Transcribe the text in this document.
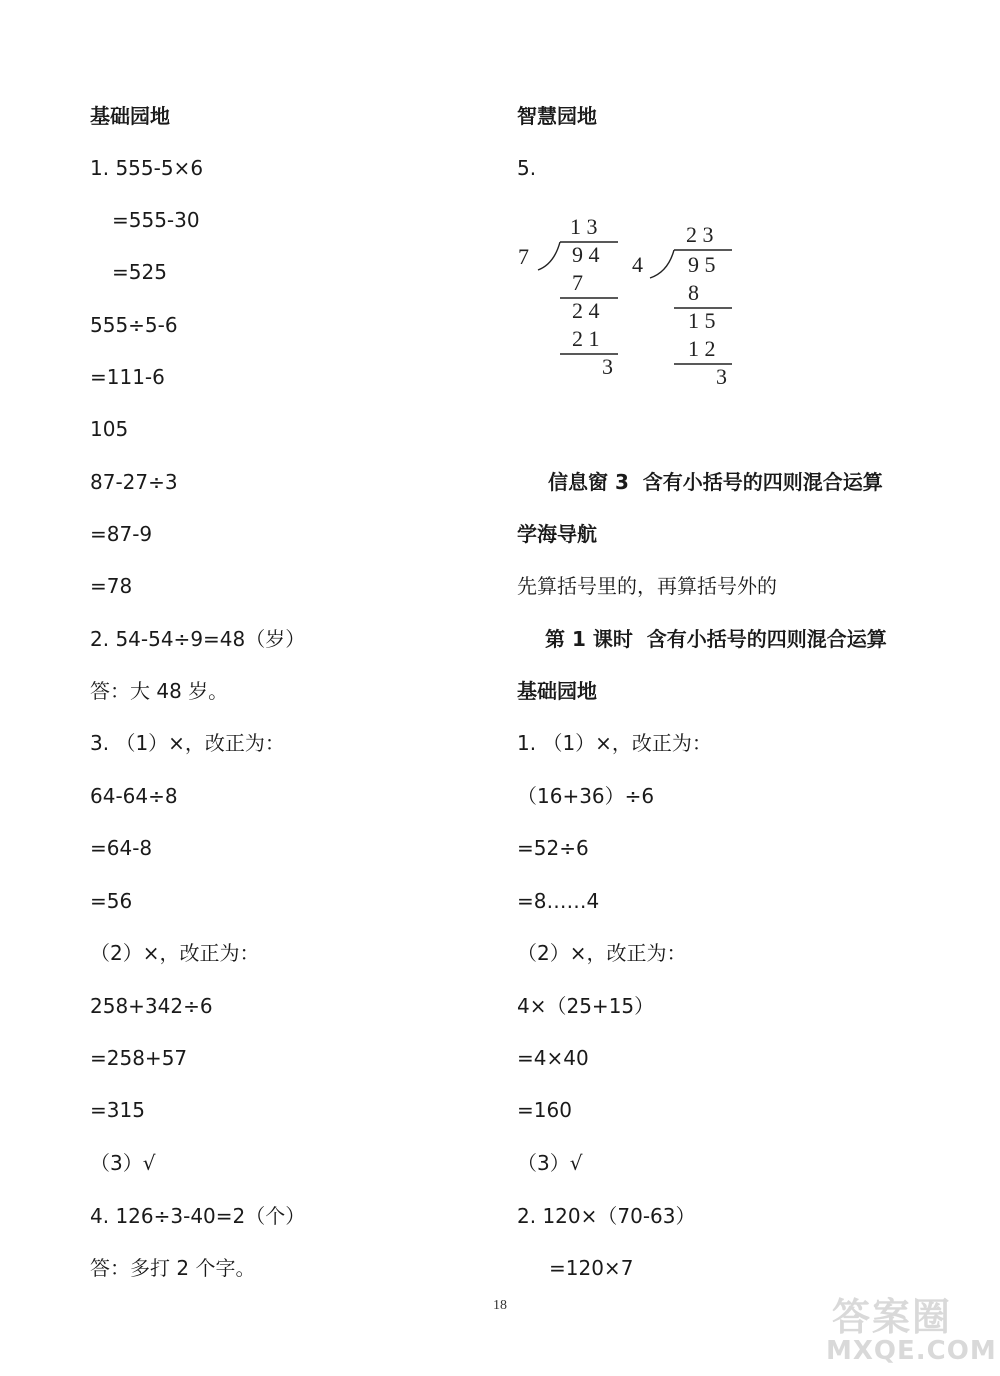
基础园地
1. 555-5×6
=555-30
=525
555÷5-6
=111-6
105
87-27÷3
=87-9
=78
2. 54-54÷9=48（岁）
答：大 48 岁。
3. （1）×，改正为：
64-64÷8
=64-8
=56
（2）×，改正为：
258+342÷6
=258+57
=315
（3）√
4. 126÷3-40=2（个）
答：多打 2 个字。
智慧园地
5.
1 3
7 9 4
7
2 4
2 1
3
2 3
4 9 5
8
1 5
1 2
3
信息窗 3  含有小括号的四则混合运算
学海导航
先算括号里的，再算括号外的
第 1 课时  含有小括号的四则混合运算
基础园地
1. （1）×，改正为：
（16+36）÷6
=52÷6
=8……4
（2）×，改正为：
4×（25+15）
=4×40
=160
（3）√
2. 120×（70-63）
=120×7
18	答案圈
MXQE.COM
